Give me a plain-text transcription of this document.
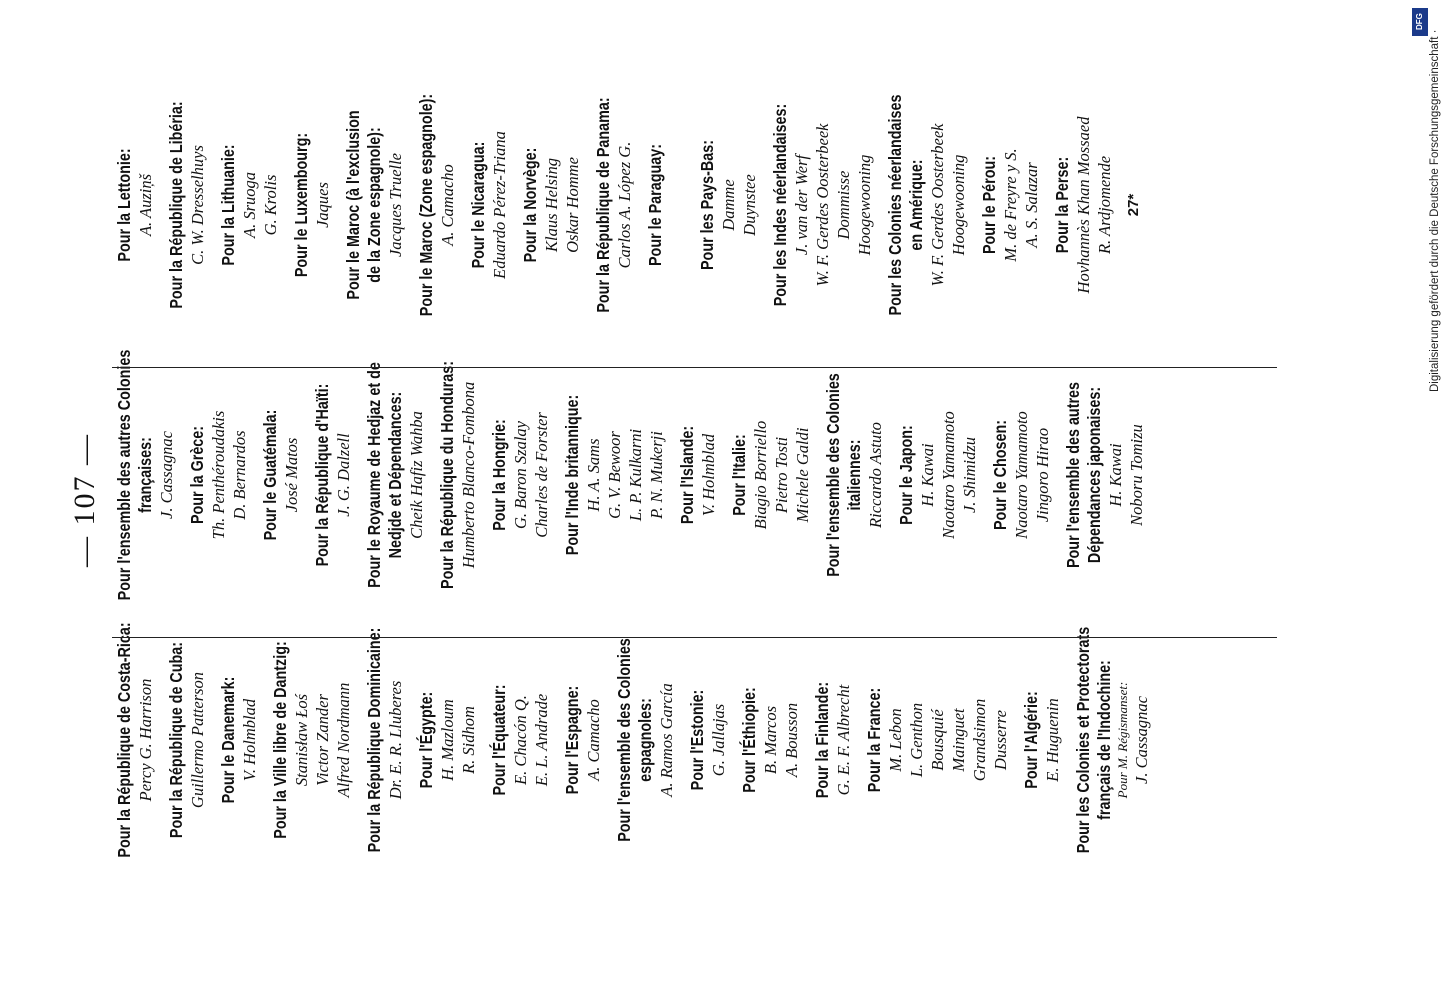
— 107 —
Pour la République de Costa-Rica: Percy G. Harrison Pour la République de Cuba: Guillermo Patterson Pour le Danemark: V. Holmblad Pour la Ville libre de Dantzig: Stanisław Łoś Victor Zander Alfred Nordmann Pour la République Dominicaine: Dr. E. R. Lluberes Pour l'Égypte: H. Mazloum R. Sidhom Pour l'Équateur: E. Chacón Q. E. L. Andrade Pour l'Espagne: A. Camacho Pour l'ensemble des Colonies espagnoles: A. Ramos García Pour l'Estonie: G. Jallajas Pour l'Éthiopie: B. Marcos A. Bousson Pour la Finlande: G. E. F. Albrecht Pour la France: M. Lebon L. Genthon Bousquié Mainguet Grandsimon Dusserre Pour l'Algérie: E. Huguenin Pour les Colonies et Protectorats français de l'Indochine: Pour M. Régismanset: J. Cassagnac
Pour l'ensemble des autres Colonies françaises: J. Cassagnac Pour la Grèce: Th. Penthéroudakis D. Bernardos Pour le Guatémala: José Matos Pour la République d'Haïti: J. G. Dalzell Pour le Royaume de Hedjaz et de Nedjde et Dépendances: Cheik Hafiz Wahba Pour la République du Honduras: Humberto Blanco-Fombona Pour la Hongrie: G. Baron Szalay Charles de Forster Pour l'Inde britannique: H. A. Sams G. V. Bewoor L. P. Kulkarni P. N. Mukerji Pour l'Islande: V. Holmblad Pour l'Italie: Biagio Borriello Pietro Tosti Michele Galdi Pour l'ensemble des Colonies italiennes: Riccardo Astuto Pour le Japon: H. Kawai Naotaro Yamamoto J. Shimidzu Pour le Chosen: Naotaro Yamamoto Jingoro Hirao Pour l'ensemble des autres Dépendances japonaises: H. Kawai Noboru Tomizu
Pour la Lettonie: A. Auziņš Pour la République de Libéria: C. W. Dresselhuys Pour la Lithuanie: A. Sruoga G. Krolis Pour le Luxembourg: Jaques Pour le Maroc (à l'exclusion de la Zone espagnole): Jacques Truelle Pour le Maroc (Zone espagnole): A. Camacho Pour le Nicaragua: Eduardo Pérez-Triana Pour la Norvège: Klaus Helsing Oskar Homme Pour la République de Panama: Carlos A. López G. Pour le Paraguay: Pour les Pays-Bas: Damme Duynstee Pour les Indes néerlandaises: J. van der Werf W. F. Gerdes Oosterbeek Dommisse Hoogewooning Pour les Colonies néerlandaises en Amérique: W. F. Gerdes Oosterbeek Hoogewooning Pour le Pérou: M. de Freyre y S. A. S. Salazar Pour la Perse: Hovhannès Khan Mossaed R. Ardjomende 27*
DFG
Digitalisierung gefördert durch die Deutsche Forschungsgemeinschaft ·
